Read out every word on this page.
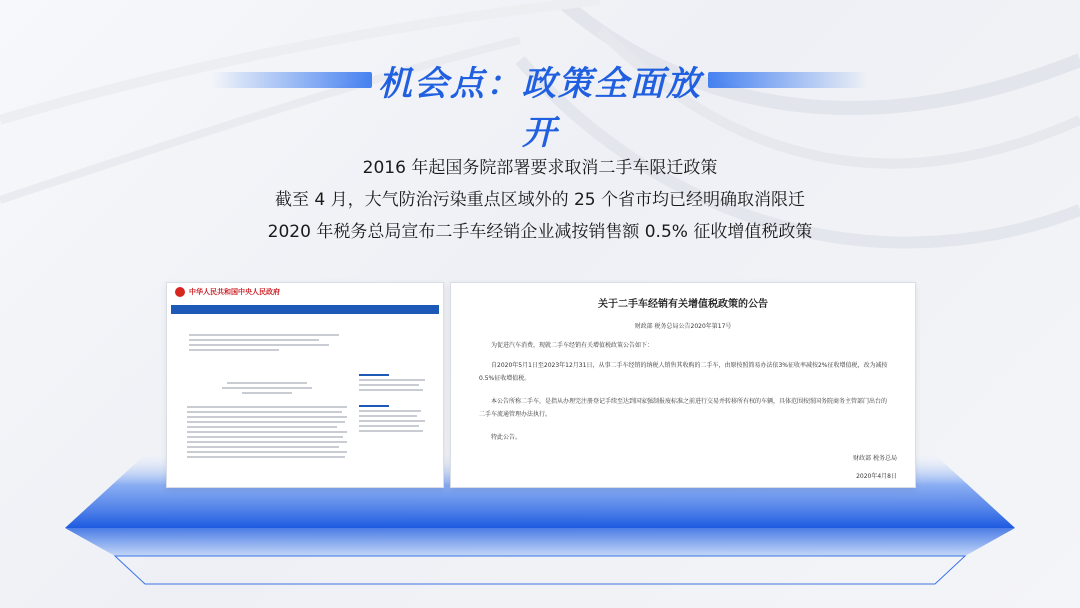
机会点：政策全面放开
2016 年起国务院部署要求取消二手车限迁政策
截至 4 月，大气防治污染重点区域外的 25 个省市均已经明确取消限迁
2020 年税务总局宣布二手车经销企业减按销售额 0.5% 征收增值税政策
中华人民共和国中央人民政府
关于二手车经销有关增值税政策的公告
财政部 税务总局公告2020年第17号
为促进汽车消费，现就二手车经销有关增值税政策公告如下：
自2020年5月1日至2023年12月31日，从事二手车经销的纳税人销售其收购的二手车，由原按照简易办法依3%征收率减按2%征收增值税，改为减按0.5%征收增值税。
本公告所称二手车，是指从办理完注册登记手续至达到国家强制报废标准之前进行交易并转移所有权的车辆，具体范围按照国务院商务主管部门出台的二手车流通管理办法执行。
特此公告。
财政部 税务总局
2020年4月8日
